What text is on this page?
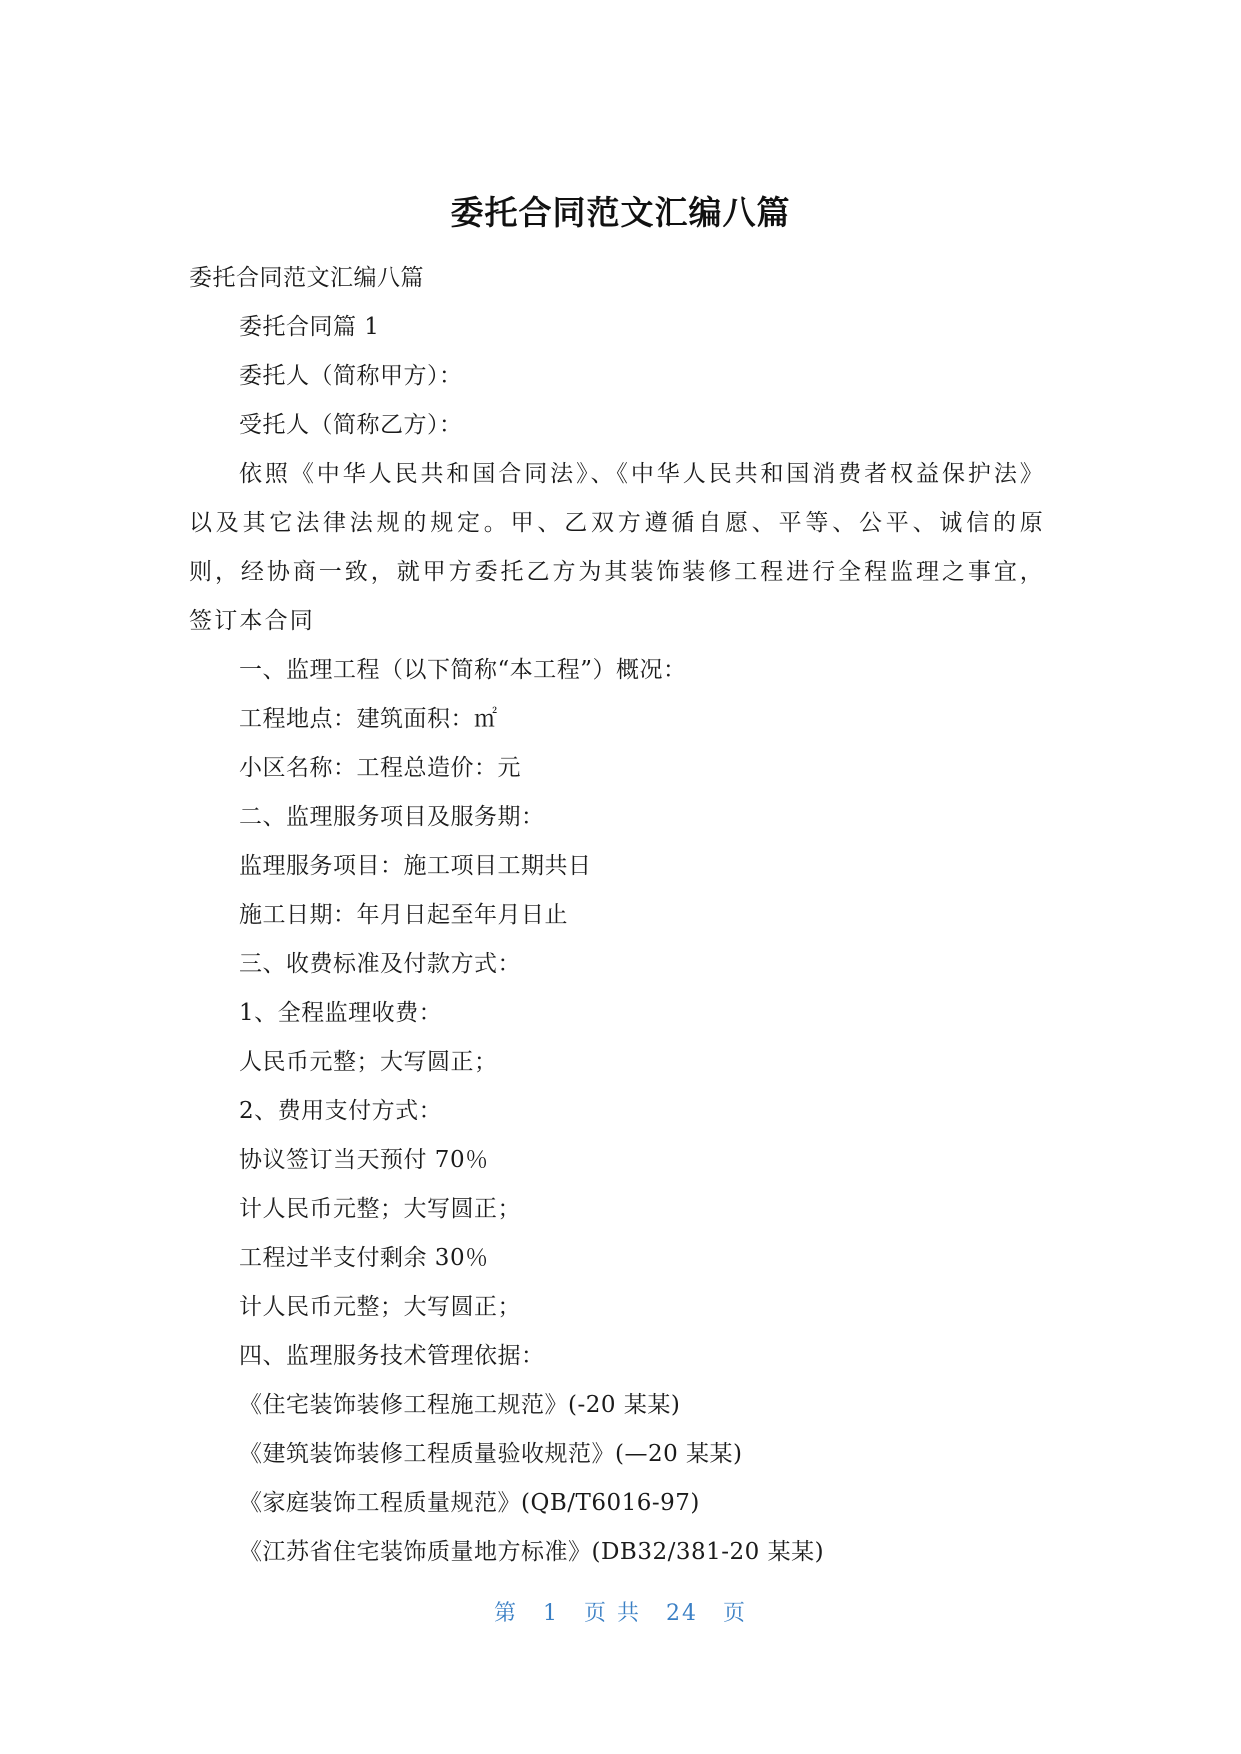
委托合同范文汇编八篇

委托合同范文汇编八篇

委托合同篇 1

委托人（简称甲方）：

受托人（简称乙方）：

依照《中华人民共和国合同法》、《中华人民共和国消费者权益保护法》以及其它法律法规的规定。甲、乙双方遵循自愿、平等、公平、诚信的原则，经协商一致，就甲方委托乙方为其装饰装修工程进行全程监理之事宜，签订本合同

一、监理工程（以下简称“本工程”）概况：

工程地点：建筑面积：㎡

小区名称：工程总造价：元

二、监理服务项目及服务期：

监理服务项目：施工项目工期共日

施工日期：年月日起至年月日止

三、收费标准及付款方式：

1、全程监理收费：

人民币元整；大写圆正；

2、费用支付方式：

协议签订当天预付 70％

计人民币元整；大写圆正；

工程过半支付剩余 30％

计人民币元整；大写圆正；

四、监理服务技术管理依据：

《住宅装饰装修工程施工规范》(-20 某某)

《建筑装饰装修工程质量验收规范》(—20 某某)

《家庭装饰工程质量规范》(QB/T6016-97)

《江苏省住宅装饰质量地方标准》(DB32/381-20 某某)

第 1 页 共 24 页
